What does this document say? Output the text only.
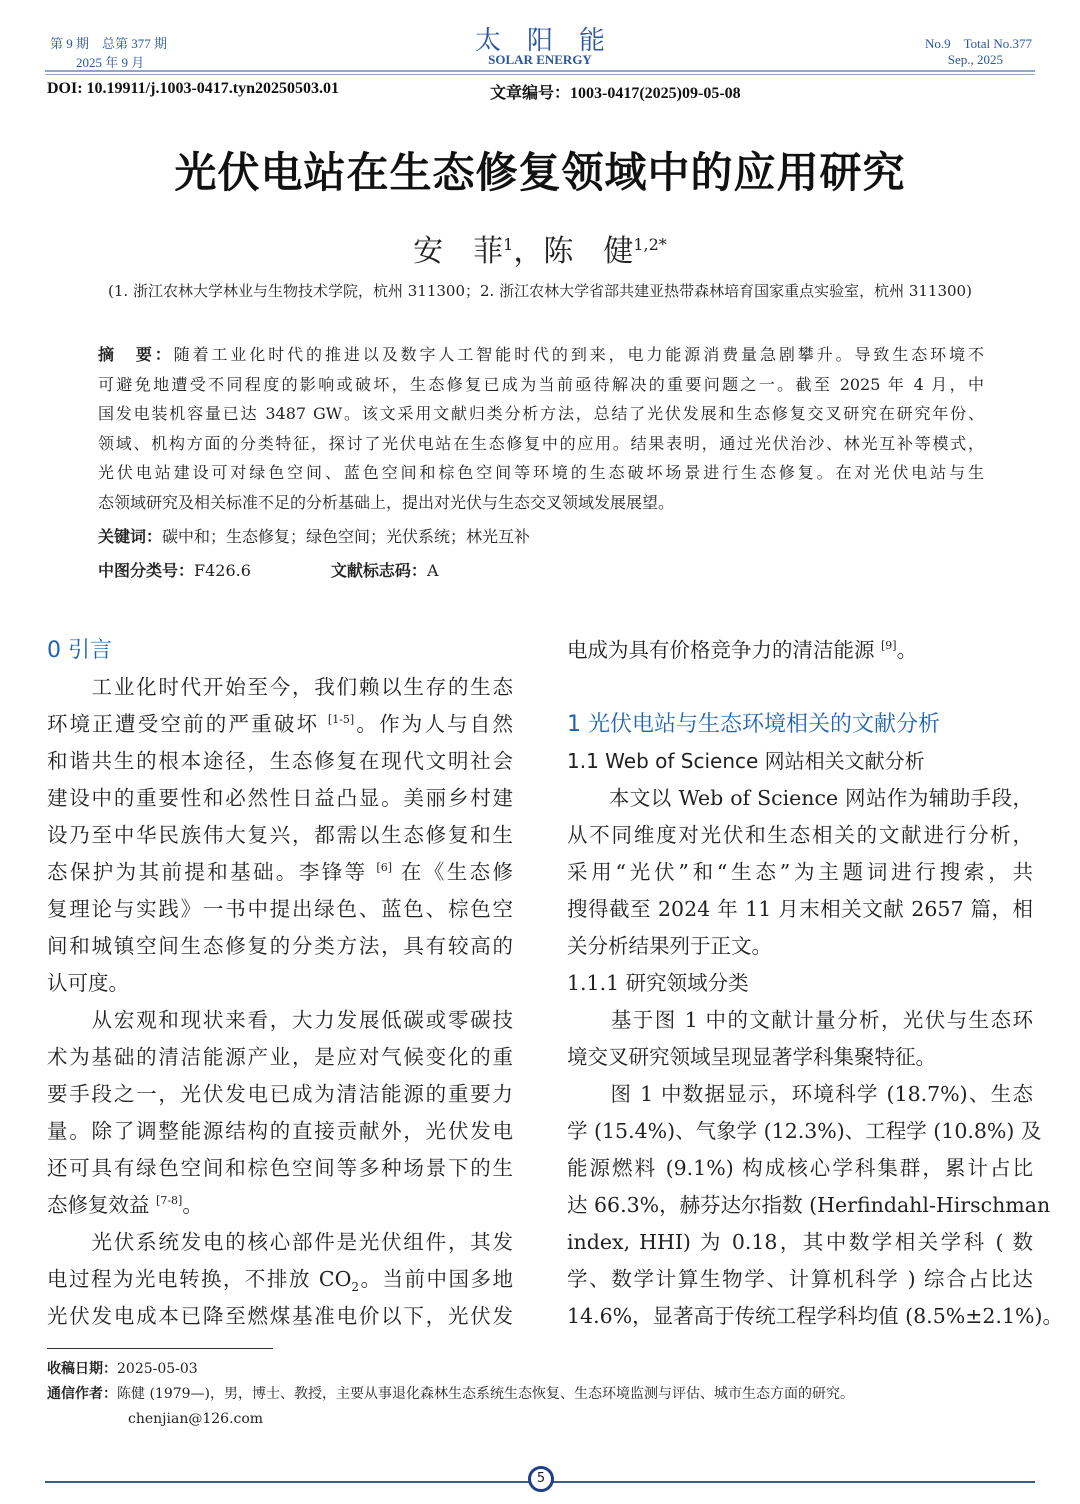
第 9 期　总第 377 期
2025 年 9 月
太　阳　能
SOLAR ENERGY
No.9　Total No.377
Sep., 2025
DOI: 10.19911/j.1003-0417.tyn20250503.01	文章编号：1003-0417(2025)09-05-08
光伏电站在生态修复领域中的应用研究
安　菲$^1$，陈　健$^{1,2*}$
(1. 浙江农林大学林业与生物技术学院，杭州 311300；2. 浙江农林大学省部共建亚热带森林培育国家重点实验室，杭州 311300)
摘　要：随着工业化时代的推进以及数字人工智能时代的到来，电力能源消费量急剧攀升。导致生态环境不
可避免地遭受不同程度的影响或破坏，生态修复已成为当前亟待解决的重要问题之一。截至 2025 年 4 月，中
国发电装机容量已达 3487 GW。该文采用文献归类分析方法，总结了光伏发展和生态修复交叉研究在研究年份、
领域、机构方面的分类特征，探讨了光伏电站在生态修复中的应用。结果表明，通过光伏治沙、林光互补等模式，
光伏电站建设可对绿色空间、蓝色空间和棕色空间等环境的生态破坏场景进行生态修复。在对光伏电站与生
态领域研究及相关标准不足的分析基础上，提出对光伏与生态交叉领域发展展望。
关键词：碳中和；生态修复；绿色空间；光伏系统；林光互补
中图分类号：F426.6	文献标志码：A
0 引言
　　工业化时代开始至今，我们赖以生存的生态
环境正遭受空前的严重破坏 [1-5]。作为人与自然
和谐共生的根本途径，生态修复在现代文明社会
建设中的重要性和必然性日益凸显。美丽乡村建
设乃至中华民族伟大复兴，都需以生态修复和生
态保护为其前提和基础。李锋等 [6] 在《生态修
复理论与实践》一书中提出绿色、蓝色、棕色空
间和城镇空间生态修复的分类方法，具有较高的
认可度。
　　从宏观和现状来看，大力发展低碳或零碳技
术为基础的清洁能源产业，是应对气候变化的重
要手段之一，光伏发电已成为清洁能源的重要力
量。除了调整能源结构的直接贡献外，光伏发电
还可具有绿色空间和棕色空间等多种场景下的生
态修复效益 [7-8]。
　　光伏系统发电的核心部件是光伏组件，其发
电过程为光电转换，不排放 $CO_2$。当前中国多地
光伏发电成本已降至燃煤基准电价以下，光伏发
电成为具有价格竞争力的清洁能源 [9]。
1 光伏电站与生态环境相关的文献分析
1.1 Web of Science 网站相关文献分析
　　本文以 Web of Science 网站作为辅助手段，
从不同维度对光伏和生态相关的文献进行分析，
采用“光伏”和“生态”为主题词进行搜索，共
搜得截至 2024 年 11 月末相关文献 2657 篇，相
关分析结果列于正文。
1.1.1 研究领域分类
　　基于图 1 中的文献计量分析，光伏与生态环
境交叉研究领域呈现显著学科集聚特征。
　　图 1 中数据显示，环境科学 (18.7%)、生态
学 (15.4%)、气象学 (12.3%)、工程学 (10.8%) 及
能源燃料 (9.1%) 构成核心学科集群，累计占比
达 66.3%，赫芬达尔指数 (Herfindahl-Hirschman
index, HHI) 为 0.18，其中数学相关学科 ( 数
学、数学计算生物学、计算机科学 ) 综合占比达
14.6%，显著高于传统工程学科均值 (8.5%±2.1%)。
收稿日期：2025-05-03
通信作者：陈健 (1979—)，男，博士、教授，主要从事退化森林生态系统生态恢复、生态环境监测与评估、城市生态方面的研究。
chenjian@126.com
5
